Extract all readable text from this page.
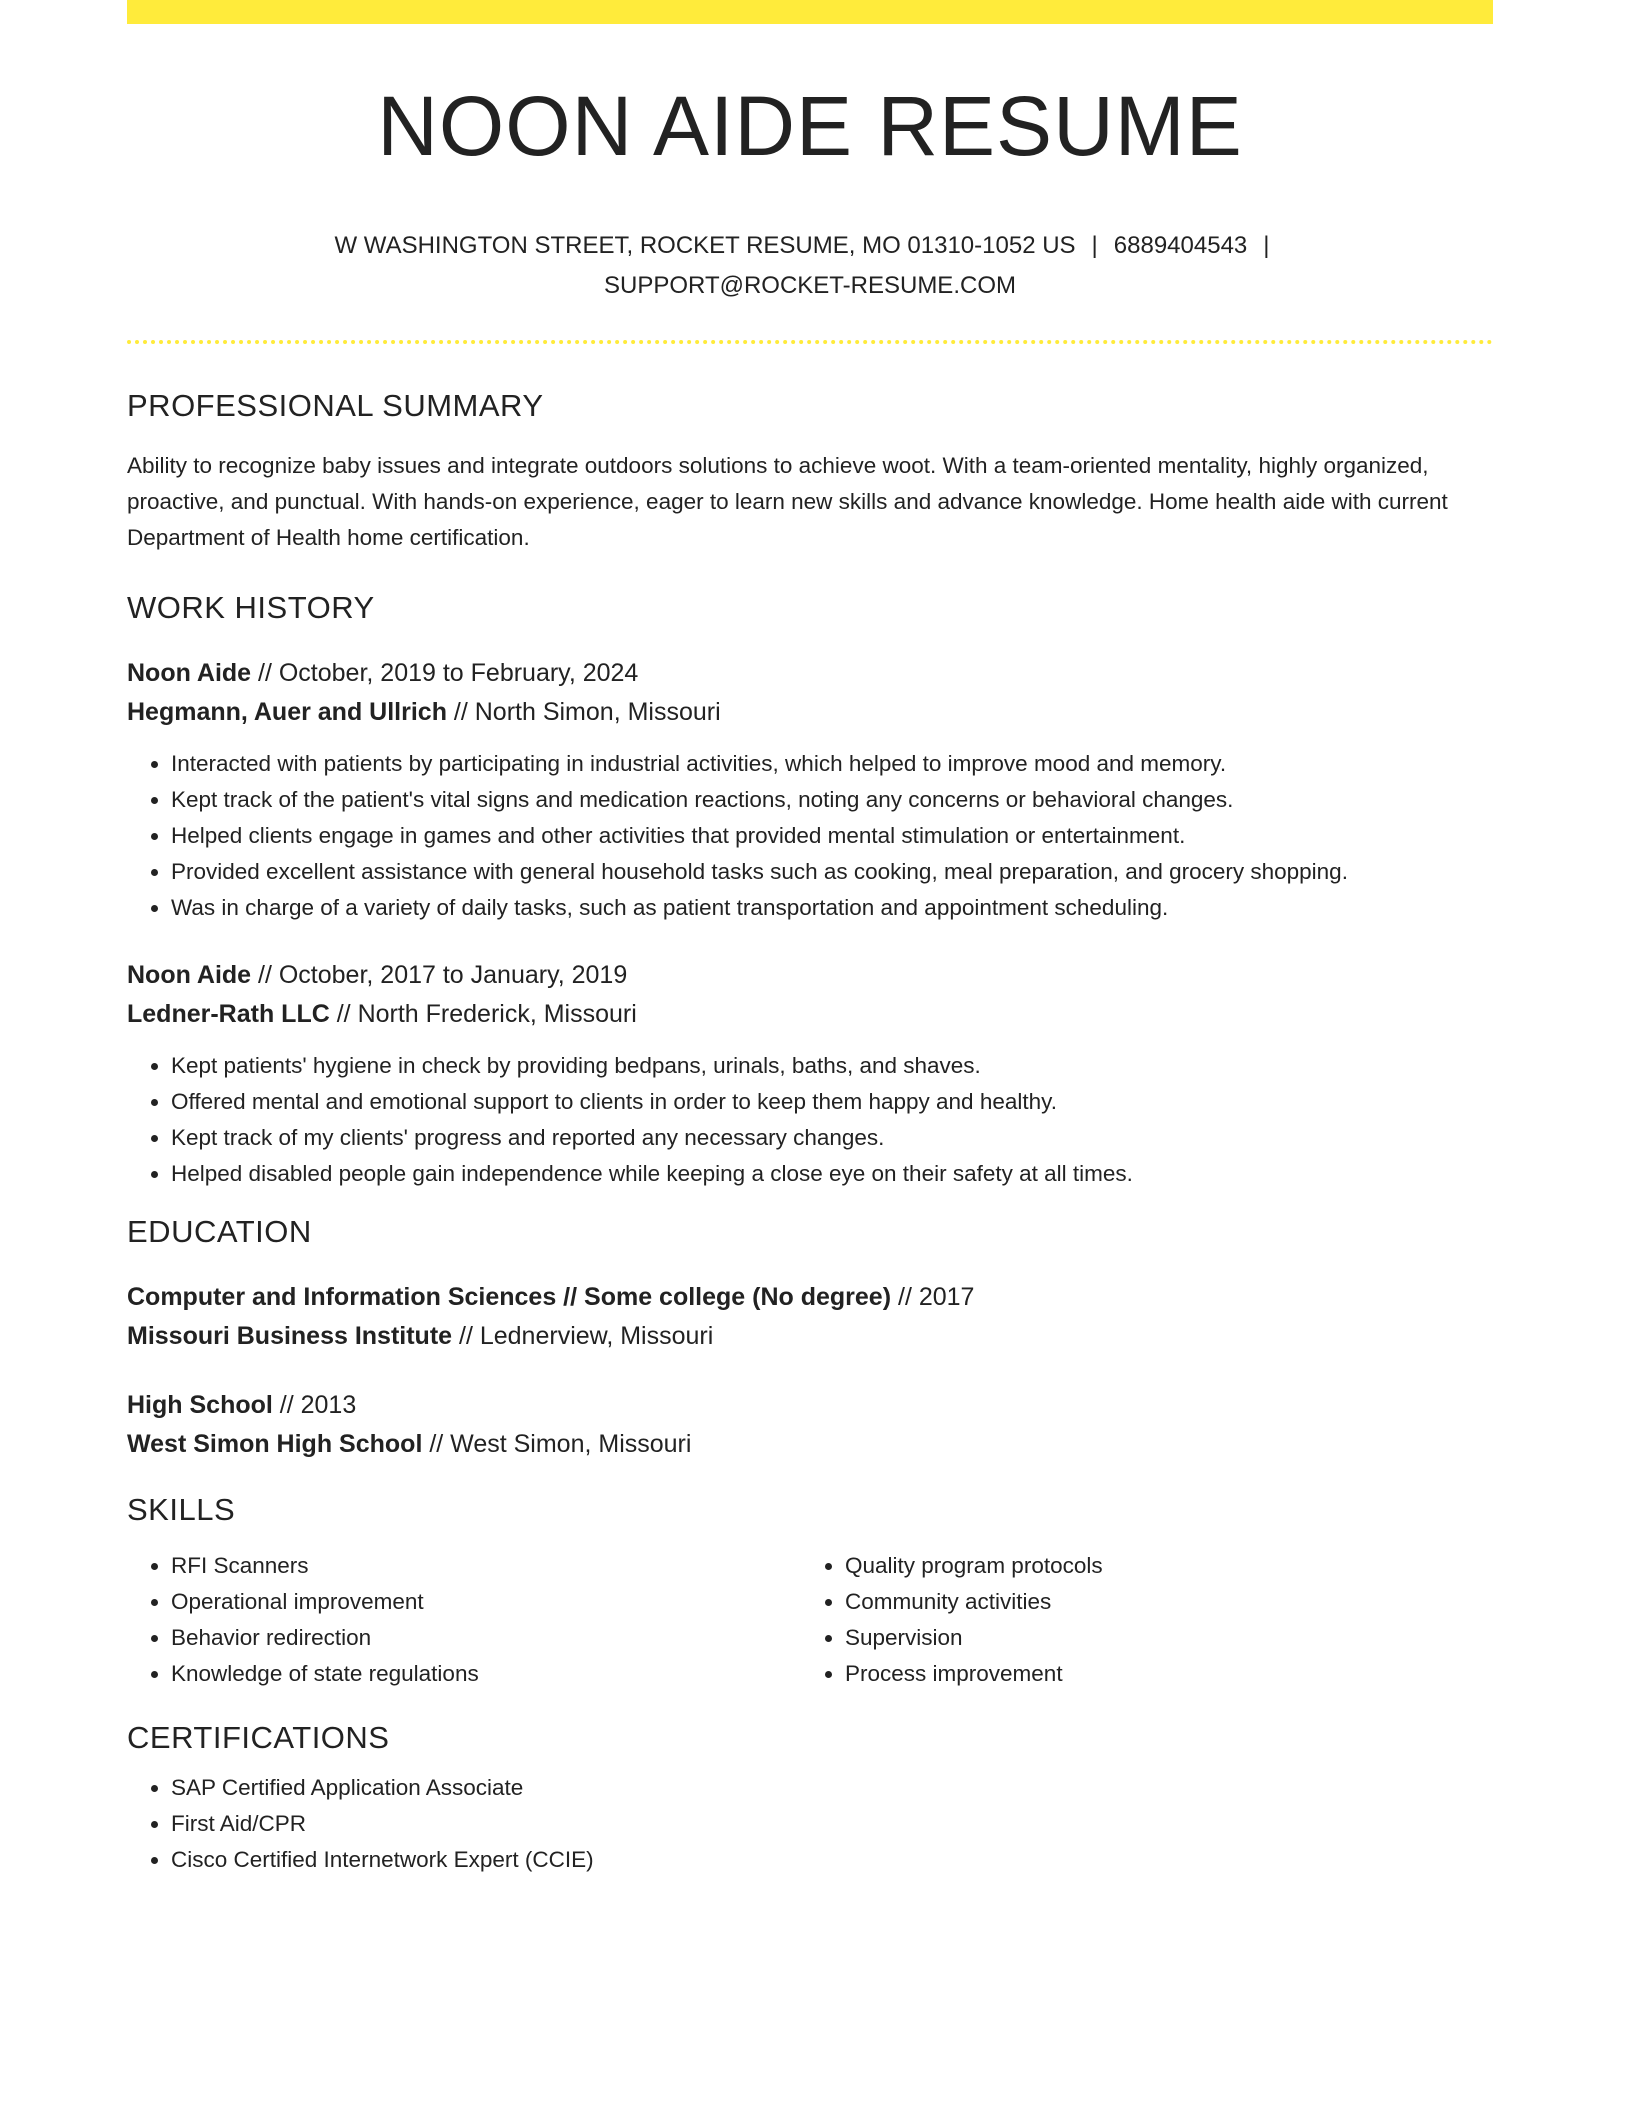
NOON AIDE RESUME
W WASHINGTON STREET, ROCKET RESUME, MO 01310-1052 US | 6889404543 |
SUPPORT@ROCKET-RESUME.COM
PROFESSIONAL SUMMARY

Ability to recognize baby issues and integrate outdoors solutions to achieve woot. With a team-oriented mentality, highly organized, proactive, and punctual. With hands-on experience, eager to learn new skills and advance knowledge. Home health aide with current Department of Health home certification.

WORK HISTORY
Noon Aide // October, 2019 to February, 2024
Hegmann, Auer and Ullrich // North Simon, Missouri
• Interacted with patients by participating in industrial activities, which helped to improve mood and memory.
• Kept track of the patient's vital signs and medication reactions, noting any concerns or behavioral changes.
• Helped clients engage in games and other activities that provided mental stimulation or entertainment.
• Provided excellent assistance with general household tasks such as cooking, meal preparation, and grocery shopping.
• Was in charge of a variety of daily tasks, such as patient transportation and appointment scheduling.
Noon Aide // October, 2017 to January, 2019
Ledner-Rath LLC // North Frederick, Missouri
• Kept patients' hygiene in check by providing bedpans, urinals, baths, and shaves.
• Offered mental and emotional support to clients in order to keep them happy and healthy.
• Kept track of my clients' progress and reported any necessary changes.
• Helped disabled people gain independence while keeping a close eye on their safety at all times.
EDUCATION
Computer and Information Sciences // Some college (No degree) // 2017
Missouri Business Institute // Lednerview, Missouri
High School // 2013
West Simon High School // West Simon, Missouri
SKILLS
• RFI Scanners
• Operational improvement
• Behavior redirection
• Knowledge of state regulations
• Quality program protocols
• Community activities
• Supervision
• Process improvement
CERTIFICATIONS
• SAP Certified Application Associate
• First Aid/CPR
• Cisco Certified Internetwork Expert (CCIE)
